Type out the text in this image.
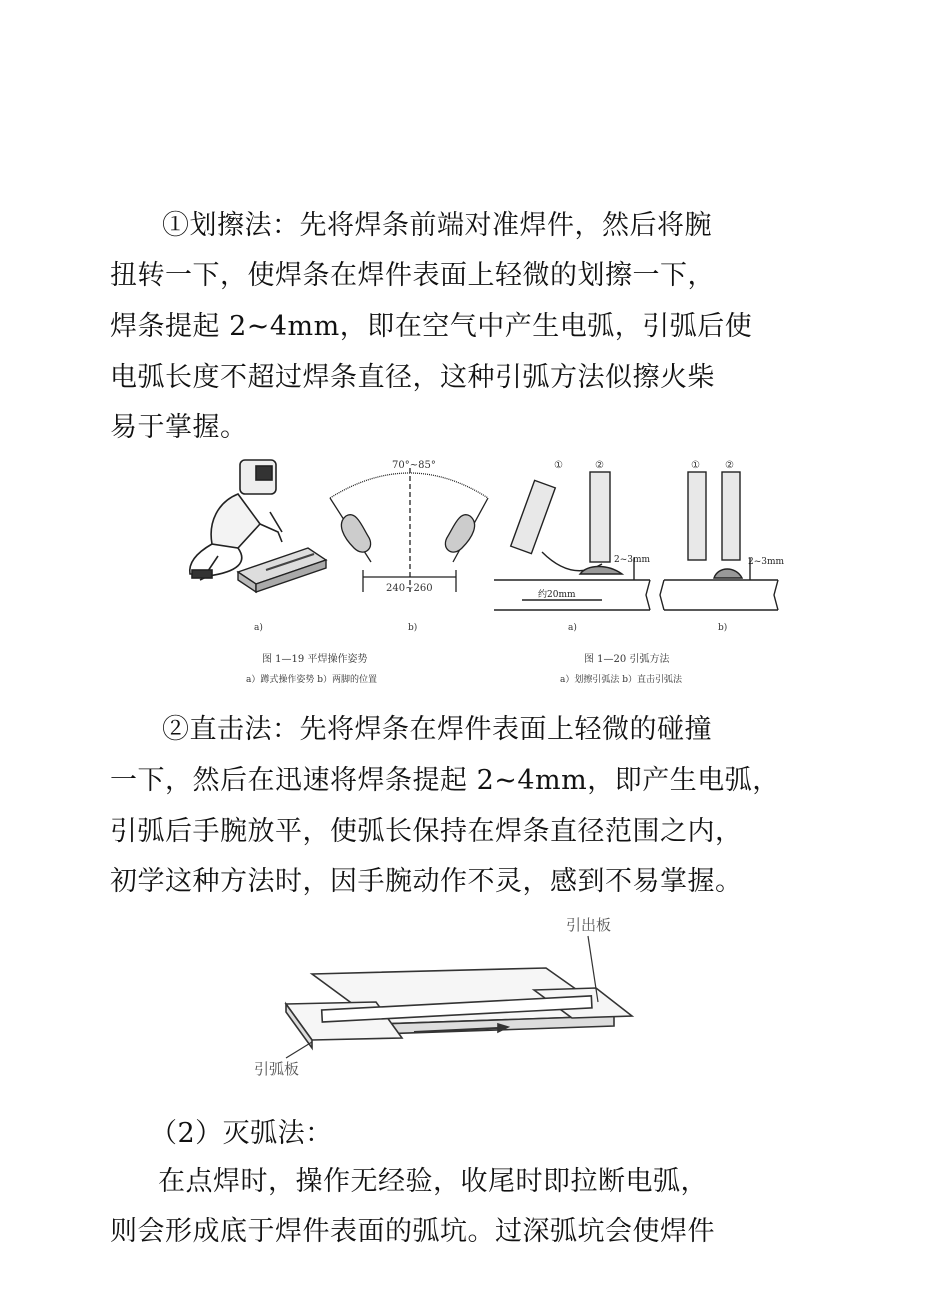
①划擦法：先将焊条前端对准焊件，然后将腕
扭转一下，使焊条在焊件表面上轻微的划擦一下，
焊条提起 2~4mm，即在空气中产生电弧，引弧后使
电弧长度不超过焊条直径，这种引弧方法似擦火柴
易于掌握。
70°~85°
240~260
a)	b)
图 1—19 平焊操作姿势
a）蹲式操作姿势 b）两脚的位置
①	②	①	②
2~3mm	2~3mm
约20mm
a)	b)
图 1—20 引弧方法
a）划擦引弧法 b）直击引弧法
②直击法：先将焊条在焊件表面上轻微的碰撞
一下，然后在迅速将焊条提起 2~4mm，即产生电弧，
引弧后手腕放平，使弧长保持在焊条直径范围之内，
初学这种方法时，因手腕动作不灵，感到不易掌握。
引出板
引弧板
（2）灭弧法：
在点焊时，操作无经验，收尾时即拉断电弧，
则会形成底于焊件表面的弧坑。过深弧坑会使焊件
